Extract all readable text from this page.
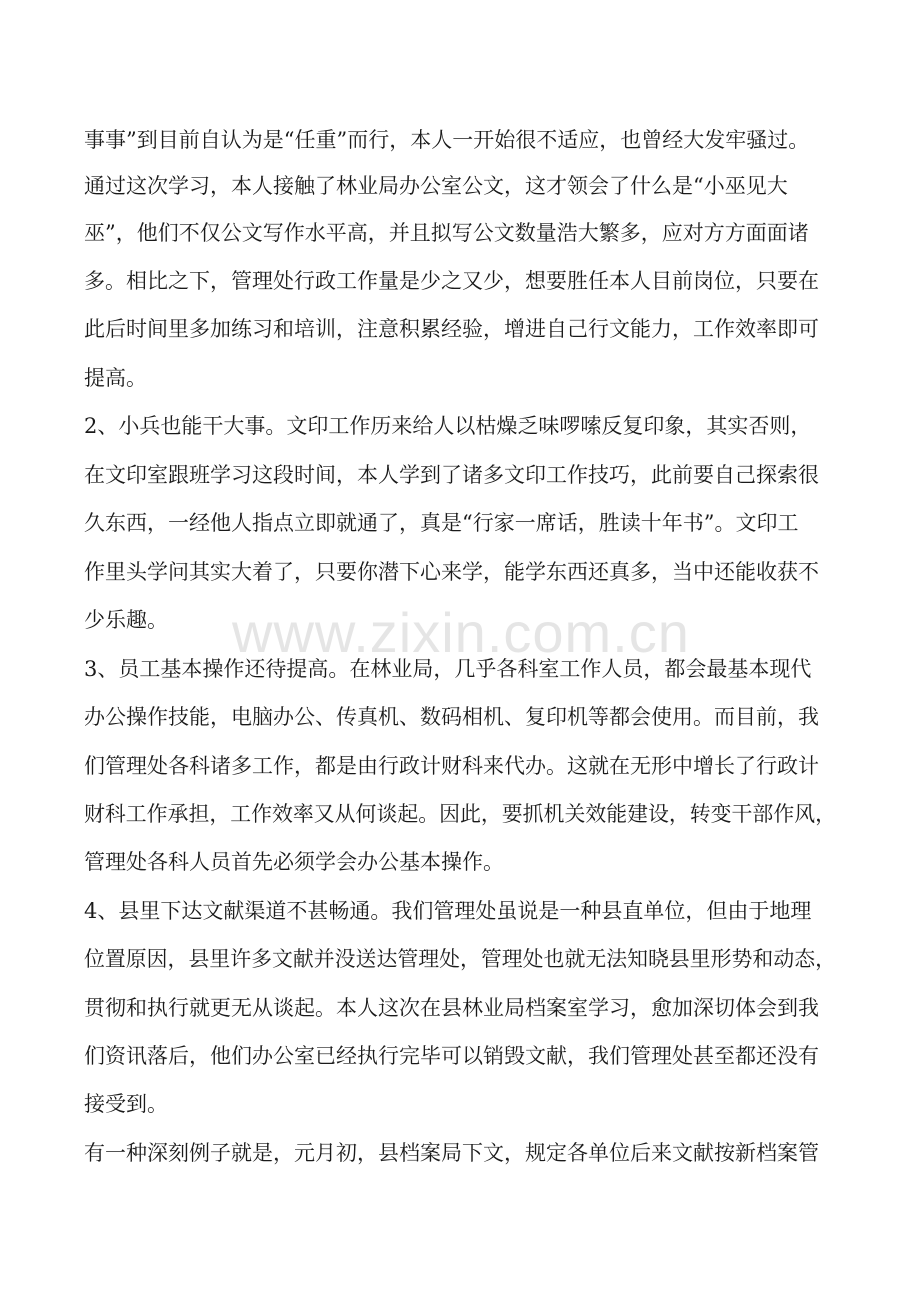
事事”到目前自认为是“任重”而行，本人一开始很不适应，也曾经大发牢骚过。
通过这次学习，本人接触了林业局办公室公文，这才领会了什么是“小巫见大
巫”，他们不仅公文写作水平高，并且拟写公文数量浩大繁多，应对方方面面诸
多。相比之下，管理处行政工作量是少之又少，想要胜任本人目前岗位，只要在
此后时间里多加练习和培训，注意积累经验，增进自己行文能力，工作效率即可
提高。
2、小兵也能干大事。文印工作历来给人以枯燥乏味啰嗦反复印象，其实否则，
在文印室跟班学习这段时间，本人学到了诸多文印工作技巧，此前要自己探索很
久东西，一经他人指点立即就通了，真是“行家一席话，胜读十年书”。文印工
作里头学问其实大着了，只要你潜下心来学，能学东西还真多，当中还能收获不
少乐趣。
3、员工基本操作还待提高。在林业局，几乎各科室工作人员，都会最基本现代
办公操作技能，电脑办公、传真机、数码相机、复印机等都会使用。而目前，我
们管理处各科诸多工作，都是由行政计财科来代办。这就在无形中增长了行政计
财科工作承担，工作效率又从何谈起。因此，要抓机关效能建设，转变干部作风，
管理处各科人员首先必须学会办公基本操作。
4、县里下达文献渠道不甚畅通。我们管理处虽说是一种县直单位，但由于地理
位置原因，县里许多文献并没送达管理处，管理处也就无法知晓县里形势和动态，
贯彻和执行就更无从谈起。本人这次在县林业局档案室学习，愈加深切体会到我
们资讯落后，他们办公室已经执行完毕可以销毁文献，我们管理处甚至都还没有
接受到。
有一种深刻例子就是，元月初，县档案局下文，规定各单位后来文献按新档案管
www.zixin.com.cn
